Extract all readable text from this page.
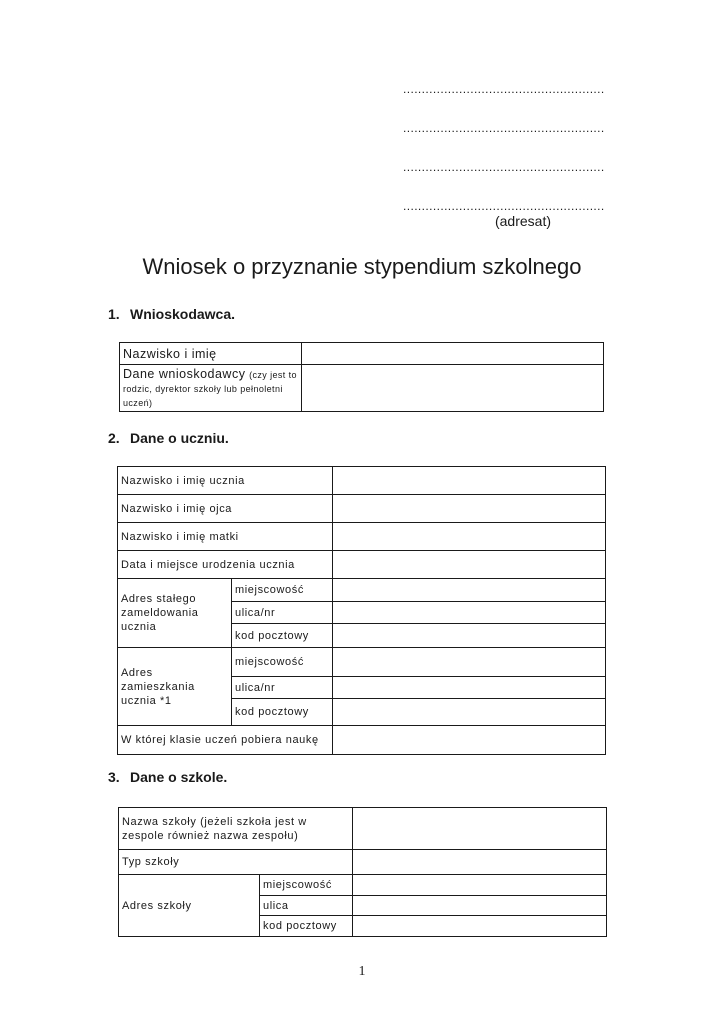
......................................................
......................................................
......................................................
......................................................
(adresat)
Wniosek o przyznanie stypendium szkolnego
1. Wnioskodawca.
Nazwisko i imię	
Dane wnioskodawcy (czy jest to rodzic, dyrektor szkoły lub pełnoletni uczeń)	
2. Dane o uczniu.
Nazwisko i imię ucznia		
Nazwisko i imię ojca		
Nazwisko i imię matki		
Data i miejsce urodzenia ucznia		
Adres stałego zameldowania ucznia	miejscowość	
	ulica/nr	
	kod pocztowy	
Adres zamieszkania ucznia *1	miejscowość	
	ulica/nr	
	kod pocztowy	
W której klasie uczeń pobiera naukę		
3. Dane o szkole.
Nazwa szkoły (jeżeli szkoła jest w zespole również nazwa zespołu)		
Typ szkoły		
Adres szkoły	miejscowość	
	ulica	
	kod pocztowy	
1
